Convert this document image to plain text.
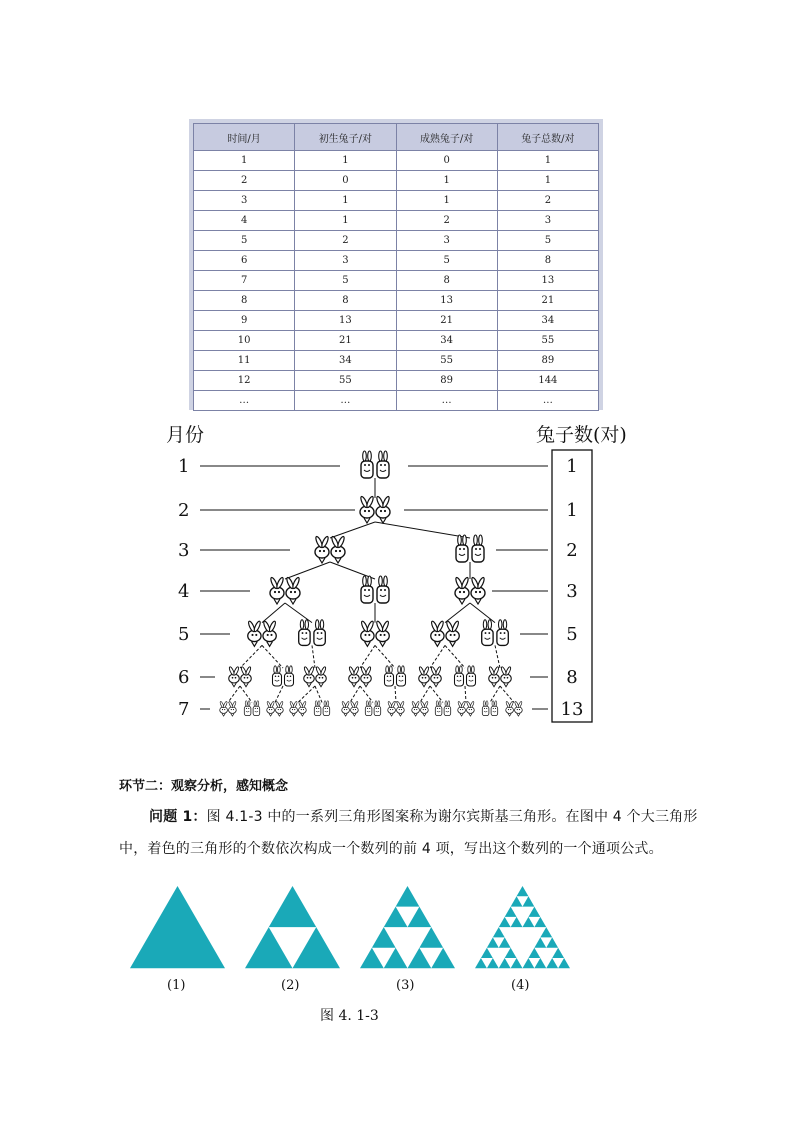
时间/月	初生兔子/对	成熟兔子/对	兔子总数/对
1	1	0	1
2	0	1	1
3	1	1	2
4	1	2	3
5	2	3	5
6	3	5	8
7	5	8	13
8	8	13	21
9	13	21	34
10	21	34	55
11	34	55	89
12	55	89	144
…	…	…	…
月份	兔子数(对)
1	1
2	1
3	2
4	3
5	5
6	8
7	13
环节二：观察分析，感知概念
问题 1：图 4.1-3 中的一系列三角形图案称为谢尔宾斯基三角形。在图中 4 个大三角形
中，着色的三角形的个数依次构成一个数列的前 4 项，写出这个数列的一个通项公式。
(1)	(2)	(3)	(4)
图 4. 1-3
